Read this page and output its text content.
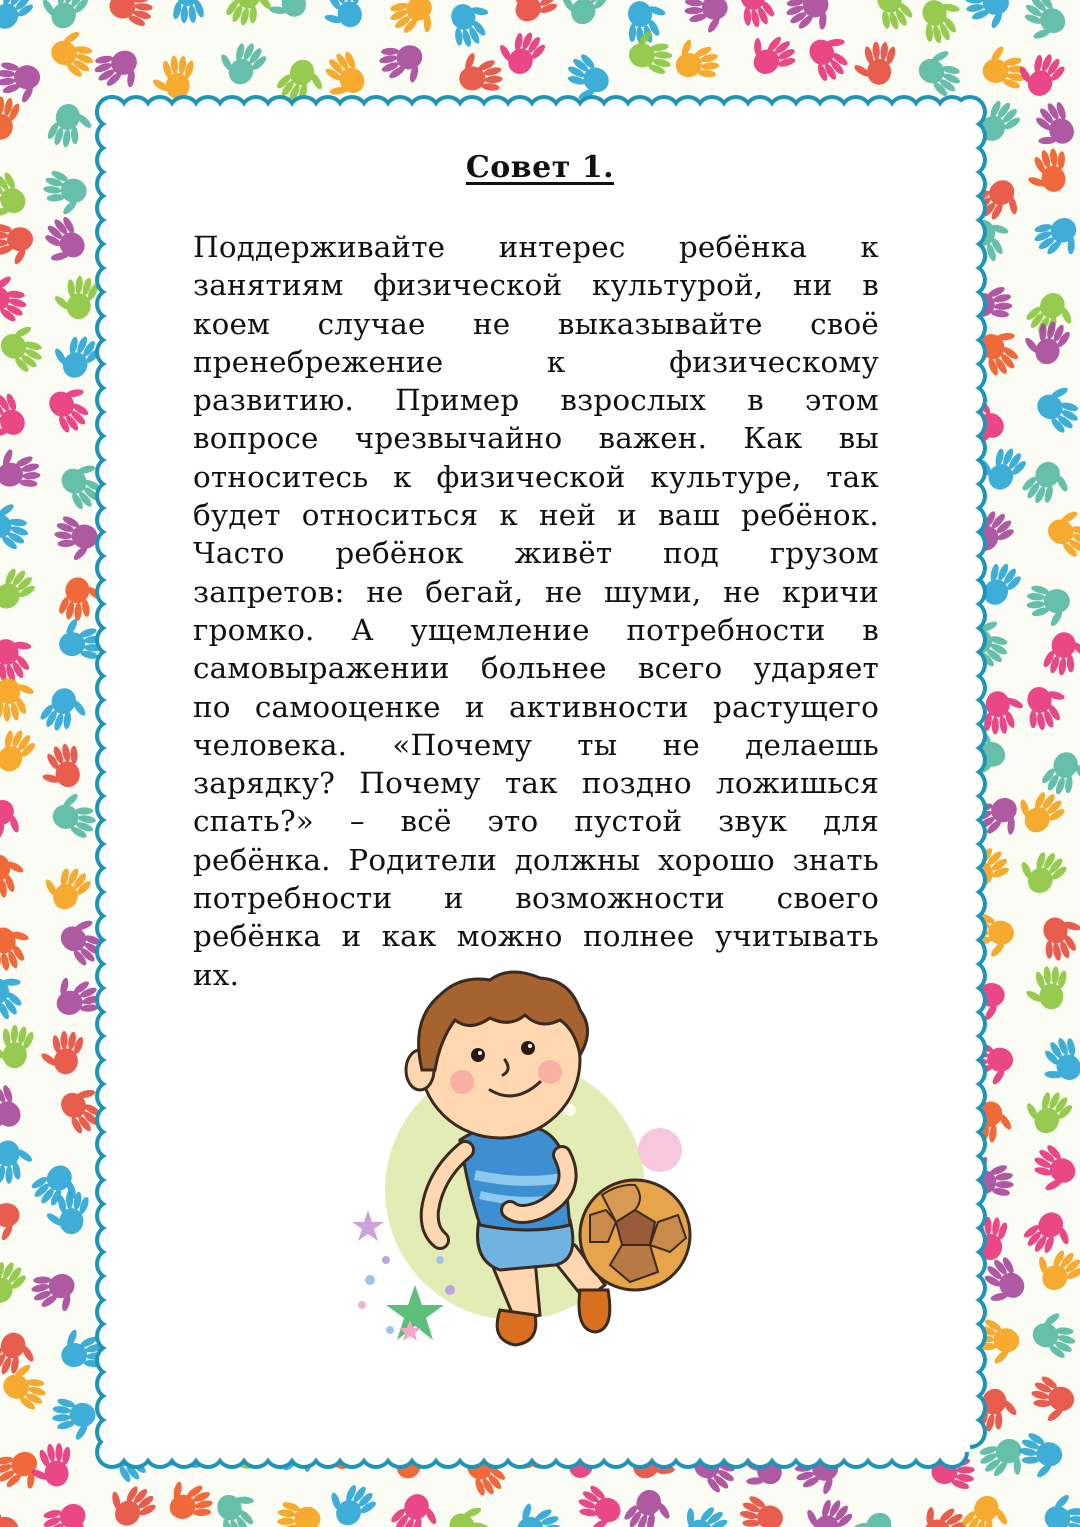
Совет 1.
Поддерживайте интерес ребёнка к
занятиям физической культурой, ни в
коем случае не выказывайте своё
пренебрежение	к	физическому
развитию. Пример взрослых в этом
вопросе чрезвычайно важен. Как вы
относитесь к физической культуре, так
будет относиться к ней и ваш ребёнок.
Часто ребёнок живёт под грузом
запретов: не бегай, не шуми, не кричи
громко. А ущемление потребности в
самовыражении больнее всего ударяет
по самооценке и активности растущего
человека. «Почему ты не делаешь
зарядку? Почему так поздно ложишься
спать?» – всё это пустой звук для
ребёнка. Родители должны хорошо знать
потребности и возможности своего
ребёнка и как можно полнее учитывать
их.
